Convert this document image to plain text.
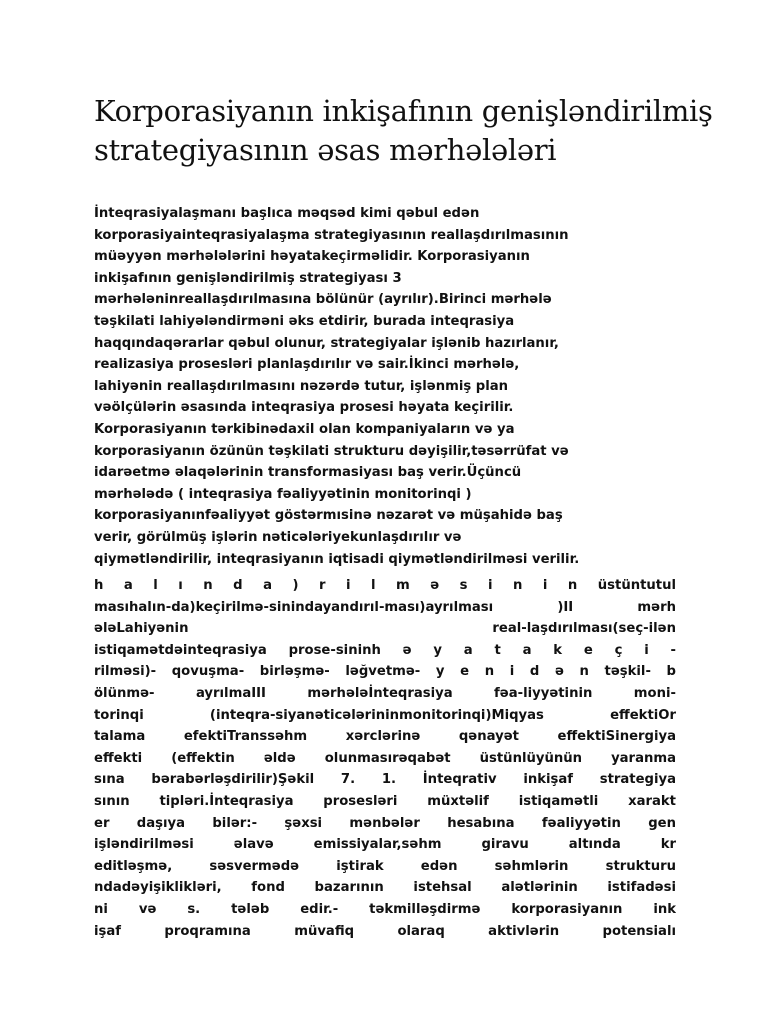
Korporasiyanın inkişafının genişləndirilmiş strategiyasının əsas mərhələləri
İnteqrasiyalaşmanı başlıca məqsəd kimi qəbul edən
korporasiyainteqrasiyalaşma strategiyasının reallaşdırılmasının
müəyyən mərhələlərini həyatakeçirməlidir. Korporasiyanın
inkişafının genişləndirilmiş strategiyası 3
mərhələninreallaşdırılmasına bölünür (ayrılır).Birinci mərhələ
təşkilati lahiyələndirməni əks etdirir, burada inteqrasiya
haqqındaqərarlar qəbul olunur, strategiyalar işlənib hazırlanır,
realizasiya prosesləri planlaşdırılır və sair.İkinci mərhələ,
lahiyənin reallaşdırılmasını nəzərdə tutur, işlənmiş plan
vəölçülərin əsasında inteqrasiya prosesi həyata keçirilir.
Korporasiyanın tərkibinədaxil olan kompaniyaların və ya
korporasiyanın özünün təşkilati strukturu dəyişilir,təsərrüfat və
idarəetmə əlaqələrinin transformasiyası baş verir.Üçüncü
mərhələdə ( inteqrasiya fəaliyyətinin monitorinqi )
korporasiyanınfəaliyyət göstərmısinə nəzarət və müşahidə baş
verir, görülmüş işlərin nəticələriyekunlaşdırılır və
qiymətləndirilir, inteqrasiyanın iqtisadi qiymətləndirilməsi verilir.
h a l ı n d a ) r i l m ə s i n i n üstüntutul
masıhalın-da)keçirilmə-sinindayandırıl-ması)ayrılması )II mərh
ələLahiyənin real-laşdırılması(seç-ilən
istiqamətdəinteqrasiya prose-sininh ə y a t a k e ç i -
rilməsi)- qovuşma- birləşmə- ləğvetmə- y e n i d ə n təşkil- b
ölünmə- ayrılmaIII mərhələİnteqrasiya fəa-liyyətinin moni-
torinqi (inteqra-siyanəticələrininmonitorinqi)Miqyas effektiOr
talama efektiTranssəhm xərclərinə qənayət effektiSinergiya
effekti (effektin əldə olunmasırəqabət üstünlüyünün yaranma
sına bərabərləşdirilir)Şəkil 7. 1. İnteqrativ inkişaf strategiya
sının tipləri.İnteqrasiya prosesləri müxtəlif istiqamətli xarakt
er daşıya bilər:- şəxsi mənbələr hesabına fəaliyyətin gen
işləndirilməsi əlavə emissiyalar,səhm giravu altında kr
editləşmə, səsvermədə iştirak edən səhmlərin strukturu
ndadəyişiklikləri, fond bazarının istehsal alətlərinin istifadəsi
ni və s. tələb edir.- təkmilləşdirmə korporasiyanın ink
işaf proqramına müvafiq olaraq aktivlərin potensialı
